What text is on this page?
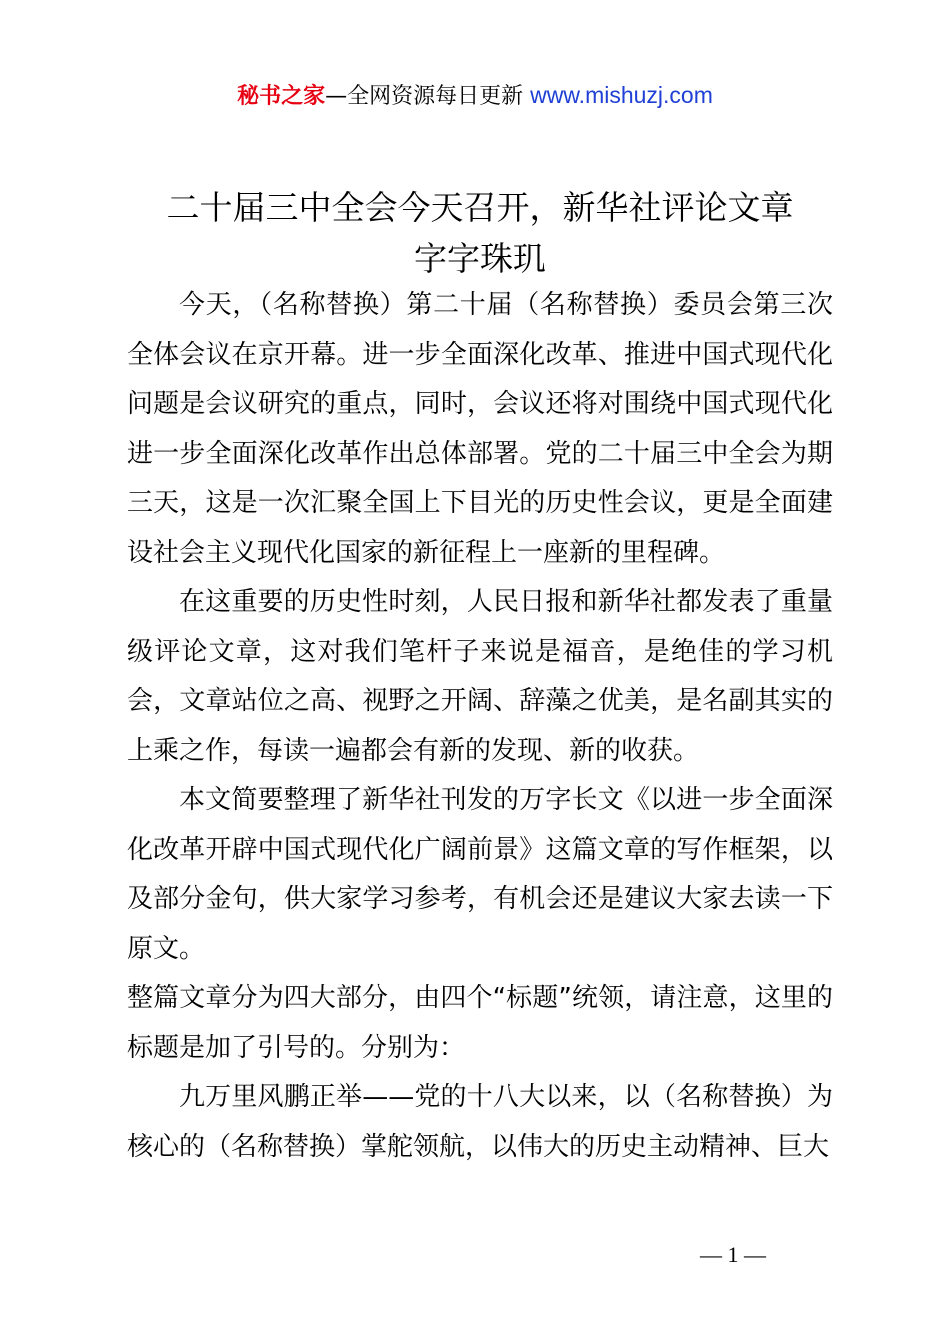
秘书之家—全网资源每日更新 www.mishuzj.com
二十届三中全会今天召开，新华社评论文章
字字珠玑

今天，（名称替换）第二十届（名称替换）委员会第三次全体会议在京开幕。进一步全面深化改革、推进中国式现代化问题是会议研究的重点，同时，会议还将对围绕中国式现代化进一步全面深化改革作出总体部署。党的二十届三中全会为期三天，这是一次汇聚全国上下目光的历史性会议，更是全面建设社会主义现代化国家的新征程上一座新的里程碑。

在这重要的历史性时刻，人民日报和新华社都发表了重量级评论文章，这对我们笔杆子来说是福音，是绝佳的学习机会，文章站位之高、视野之开阔、辞藻之优美，是名副其实的上乘之作，每读一遍都会有新的发现、新的收获。

本文简要整理了新华社刊发的万字长文《以进一步全面深化改革开辟中国式现代化广阔前景》这篇文章的写作框架，以及部分金句，供大家学习参考，有机会还是建议大家去读一下原文。

整篇文章分为四大部分，由四个“标题”统领，请注意，这里的标题是加了引号的。分别为：

九万里风鹏正举——党的十八大以来，以（名称替换）为核心的（名称替换）掌舵领航，以伟大的历史主动精神、巨大

— 1 —
